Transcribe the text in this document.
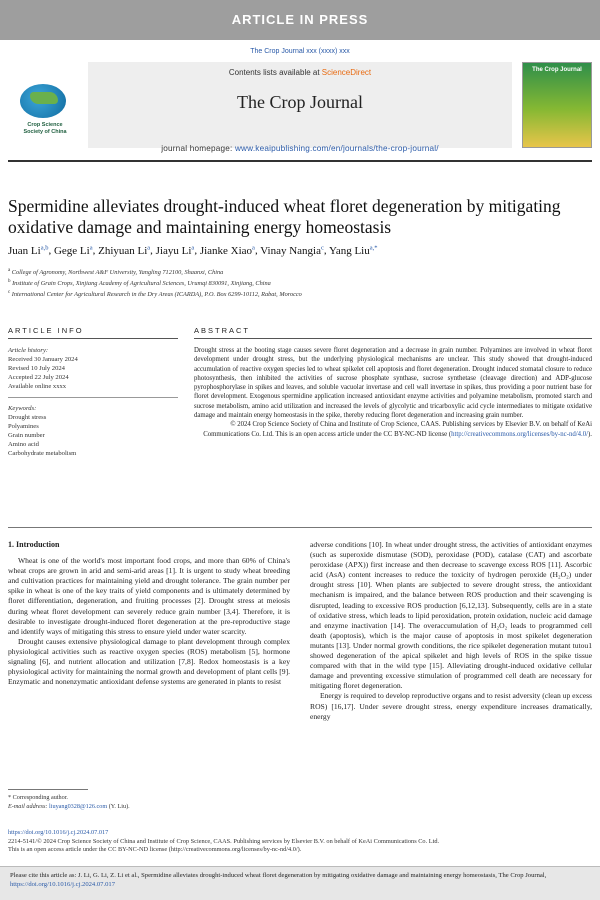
ARTICLE IN PRESS
The Crop Journal xxx (xxxx) xxx
Crop Science
Society of China
Contents lists available at ScienceDirect
The Crop Journal
The Crop Journal
journal homepage: www.keaipublishing.com/en/journals/the-crop-journal/
Spermidine alleviates drought-induced wheat floret degeneration by mitigating oxidative damage and maintaining energy homeostasis
Juan Li$^{a,b}$, Gege Li$^a$, Zhiyuan Li$^a$, Jiayu Li$^a$, Jianke Xiao$^a$, Vinay Nangia$^c$, Yang Liu$^{a,*}$
$^a$ College of Agronomy, Northwest A&F University, Yangling 712100, Shaanxi, China
$^b$ Institute of Grain Crops, Xinjiang Academy of Agricultural Sciences, Urumqi 830091, Xinjiang, China
$^c$ International Center for Agricultural Research in the Dry Areas (ICARDA), P.O. Box 6299-10112, Rabat, Morocco
ARTICLE INFO	ABSTRACT
Article history:
Received 30 January 2024
Revised 10 July 2024
Accepted 22 July 2024
Available online xxxx
Keywords:
Drought stress
Polyamines
Grain number
Amino acid
Carbohydrate metabolism

Drought stress at the booting stage causes severe floret degeneration and a decrease in grain number. Polyamines are involved in wheat floret development under drought stress, but the underlying physiological mechanisms are unclear. This study showed that drought-induced accumulation of reactive oxygen species led to wheat spikelet cell apoptosis and floret degeneration. Drought induced stomatal closure to reduce photosynthesis, then inhibited the activities of sucrose phosphate synthase, sucrose synthetase (cleavage direction) and ADP-glucose pyrophosphorylase in spikes and leaves, and soluble vacuolar invertase and cell wall invertase in spikes, thus providing a poor nutrient base for floret development. Exogenous spermidine application increased antioxidant enzyme activities and polyamine metabolism, promoted starch and sucrose metabolism, amino acid utilization and increased the levels of glycolytic and tricarboxylic acid cycle intermediates to mitigate oxidative damage and maintain energy homeostasis in the spike, thereby reducing floret degeneration and increasing grain number.

© 2024 Crop Science Society of China and Institute of Crop Science, CAAS. Publishing services by Elsevier B.V. on behalf of KeAi Communications Co. Ltd. This is an open access article under the CC BY-NC-ND license (http://creativecommons.org/licenses/by-nc-nd/4.0/).

1. Introduction

Wheat is one of the world's most important food crops, and more than 60% of China's wheat crops are grown in arid and semi-arid areas [1]. It is urgent to study wheat breeding and cultivation practices for maintaining yield and drought tolerance. The grain number per spike in wheat is one of the key traits of yield components and is ultimately determined by floret differentiation, degeneration, and fruiting processes [2]. Drought stress at meiosis during wheat floret development can severely reduce grain number [3,4]. Therefore, it is desirable to investigate drought-induced floret degeneration at the pre-reproductive stage and identify ways of mitigating this stress to ensure yield under water scarcity.

Drought causes extensive physiological damage to plant development through complex physiological activities such as reactive oxygen species (ROS) metabolism [5], hormone signaling [6], and nutrient allocation and utilization [7,8]. Redox homeostasis is a key physiological activity for maintaining the normal growth and development of plant cells [9]. Enzymatic and nonenzymatic antioxidant defense systems are generated in plants to resist

adverse conditions [10]. In wheat under drought stress, the activities of antioxidant enzymes (such as superoxide dismutase (SOD), peroxidase (POD), catalase (CAT) and ascorbate peroxidase (APX)) first increase and then decrease to scavenge excess ROS [11]. Ascorbic acid (AsA) content increases to reduce the toxicity of hydrogen peroxide (H₂O₂) under drought stress [10]. When plants are subjected to severe drought stress, the antioxidant mechanism is impaired, and the balance between ROS production and their scavenging is disrupted, leading to excessive ROS production [6,12,13]. Subsequently, cells are in a state of oxidative stress, which leads to lipid peroxidation, protein oxidation, nucleic acid damage and enzyme inactivation [14]. The overaccumulation of H₂O₂ leads to programmed cell death (apoptosis), which is the major cause of apoptosis in most spikelet degeneration mutants [13]. Under normal growth conditions, the rice spikelet degeneration mutant tutou1 showed degeneration of the apical spikelet and high levels of ROS in the spike tissue compared with that in the wild type [15]. Alleviating drought-induced oxidative cellular damage and preventing excessive stimulation of programmed cell death are necessary for mitigating floret degeneration.

Energy is required to develop reproductive organs and to resist adversity (clean up excess ROS) [16,17]. Under severe drought stress, energy expenditure increases dramatically, energy

* Corresponding author.
E-mail address: liuyang0328@126.com (Y. Liu).
https://doi.org/10.1016/j.cj.2024.07.017
2214-5141/© 2024 Crop Science Society of China and Institute of Crop Science, CAAS. Publishing services by Elsevier B.V. on behalf of KeAi Communications Co. Ltd.
This is an open access article under the CC BY-NC-ND license (http://creativecommons.org/licenses/by-nc-nd/4.0/).
Please cite this article as: J. Li, G. Li, Z. Li et al., Spermidine alleviates drought-induced wheat floret degeneration by mitigating oxidative damage and maintaining energy homeostasis, The Crop Journal, https://doi.org/10.1016/j.cj.2024.07.017
